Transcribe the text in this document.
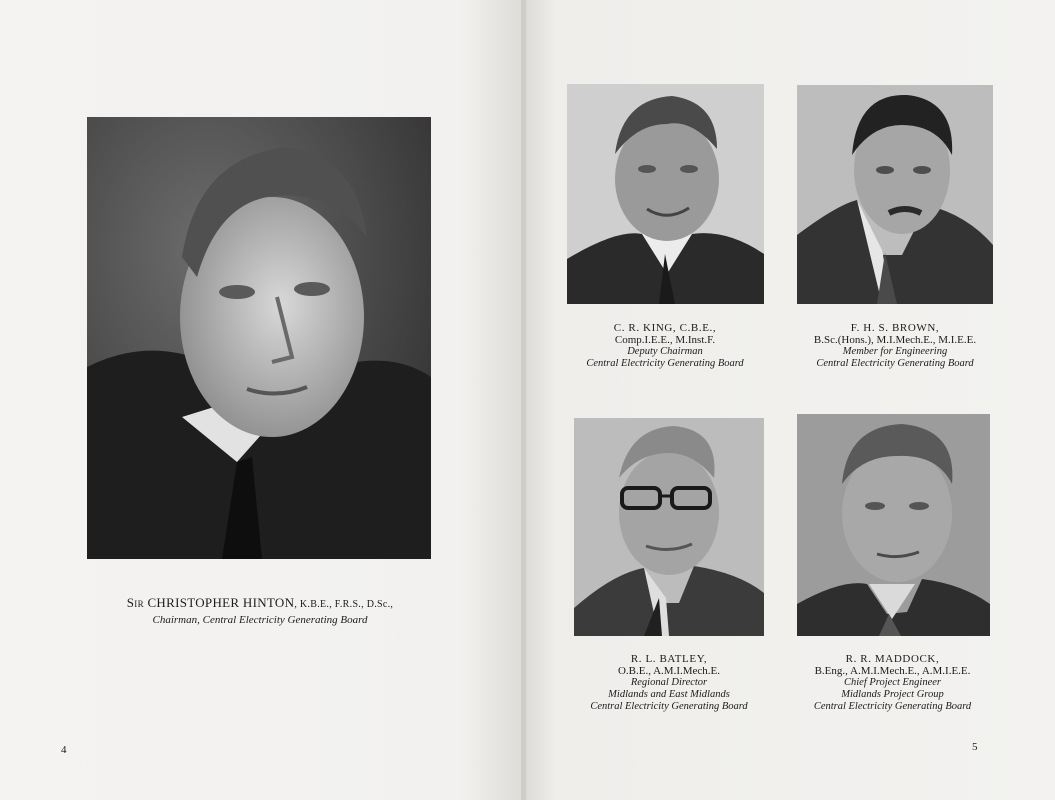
Sir CHRISTOPHER HINTON, K.B.E., F.R.S., D.Sc.,
Chairman, Central Electricity Generating Board
4
C. R. KING, C.B.E.,
Comp.I.E.E., M.Inst.F.
Deputy Chairman
Central Electricity Generating Board
F. H. S. BROWN,
B.Sc.(Hons.), M.I.Mech.E., M.I.E.E.
Member for Engineering
Central Electricity Generating Board
R. L. BATLEY,
O.B.E., A.M.I.Mech.E.
Regional Director
Midlands and East Midlands
Central Electricity Generating Board
R. R. MADDOCK,
B.Eng., A.M.I.Mech.E., A.M.I.E.E.
Chief Project Engineer
Midlands Project Group
Central Electricity Generating Board
5
